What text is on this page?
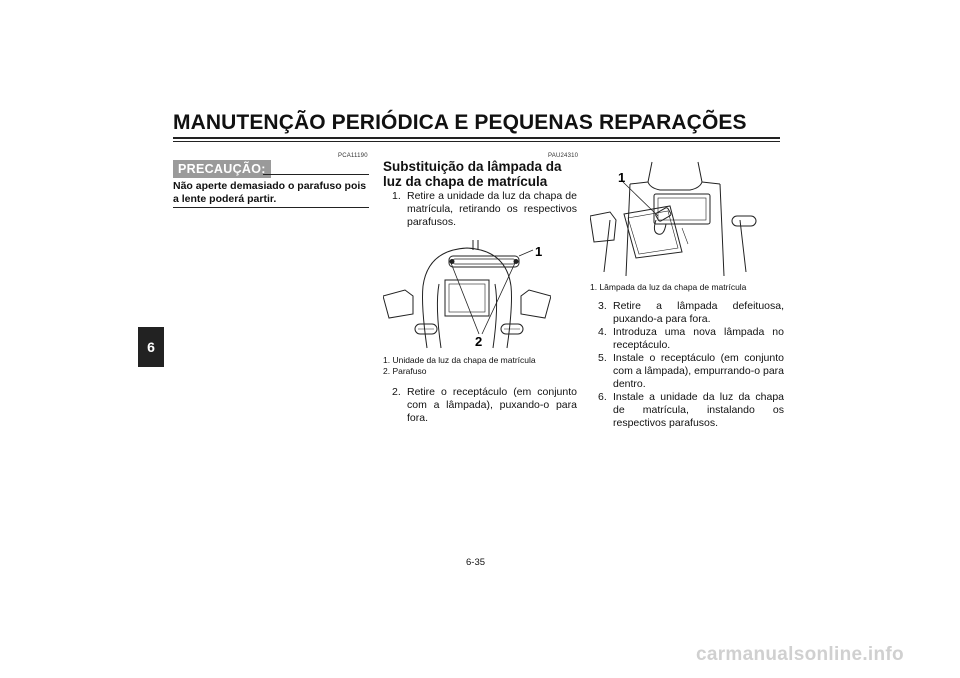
MANUTENÇÃO PERIÓDICA E PEQUENAS REPARAÇÕES
6
PCA11190
PRECAUÇÃO:
Não aperte demasiado o parafuso pois a lente poderá partir.
PAU24310
Substituição da lâmpada da luz da chapa de matrícula
1. Retire a unidade da luz da chapa de matrícula, retirando os respectivos parafusos.
1
2
1. Unidade da luz da chapa de matrícula
2. Parafuso
2. Retire o receptáculo (em conjunto com a lâmpada), puxando-o para fora.
1
1. Lâmpada da luz da chapa de matrícula
3. Retire a lâmpada defeituosa, puxando-a para fora.
4. Introduza uma nova lâmpada no receptáculo.
5. Instale o receptáculo (em conjunto com a lâmpada), empurrando-o para dentro.
6. Instale a unidade da luz da chapa de matrícula, instalando os respectivos parafusos.
6-35
carmanualsonline.info
